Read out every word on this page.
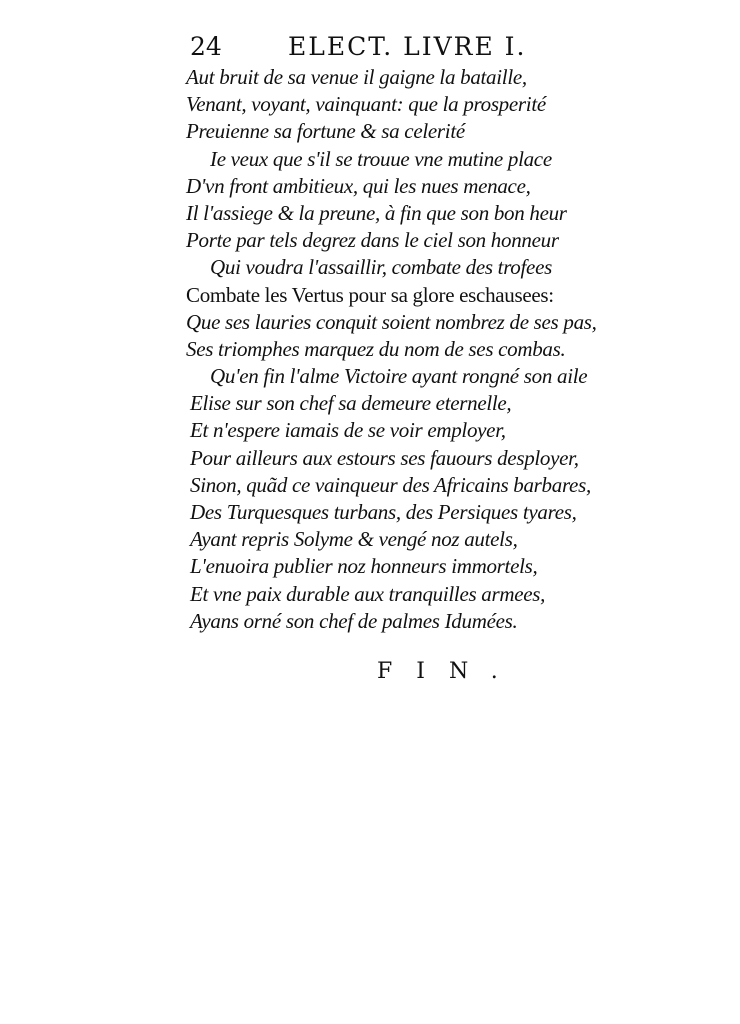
24	ELECT. LIVRE I.
Aut bruit de sa venue il gaigne la bataille,
Venant, voyant, vainquant: que la prosperité
Preuienne sa fortune & sa celerité
Ie veux que s'il se trouue vne mutine place
D'vn front ambitieux, qui les nues menace,
Il l'assiege & la preune, à fin que son bon heur
Porte par tels degrez dans le ciel son honneur
Qui voudra l'assaillir, combate des trofees
Combate les Vertus pour sa glore eschausees:
Que ses lauries conquit soient nombrez de ses pas,
Ses triomphes marquez du nom de ses combas.
Qu'en fin l'alme Victoire ayant rongné son aile
Elise sur son chef sa demeure eternelle,
Et n'espere iamais de se voir employer,
Pour ailleurs aux estours ses fauours desployer,
Sinon, quãd ce vainqueur des Africains barbares,
Des Turquesques turbans, des Persiques tyares,
Ayant repris Solyme & vengé noz autels,
L'enuoira publier noz honneurs immortels,
Et vne paix durable aux tranquilles armees,
Ayans orné son chef de palmes Idumées.
FIN.
